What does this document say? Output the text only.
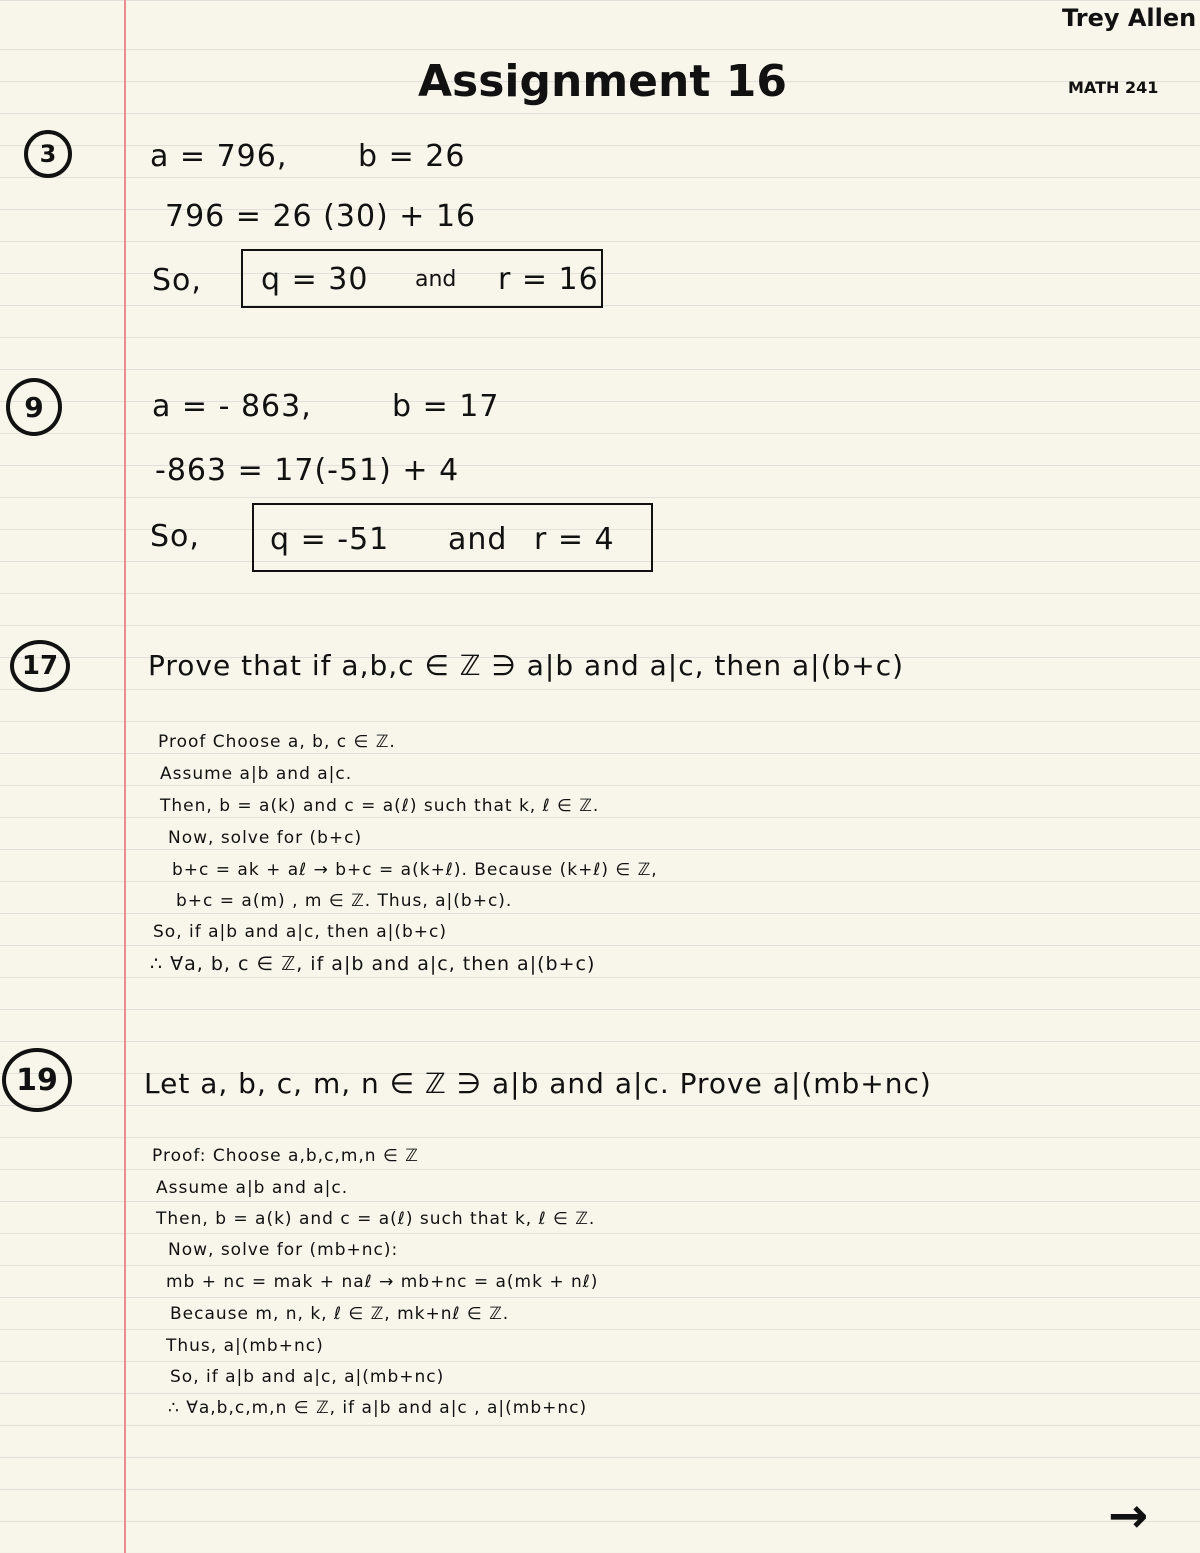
Trey Allen
MATH 241
Assignment 16
3	a = 796, b = 26
796 = 26 (30) + 16
So, q = 30 and r = 16
9	a = - 863,	b = 17
-863 = 17(-51) + 4
So, q = -51 and r = 4
17	Prove that if a,b,c ∈ ℤ ∋ a|b and a|c, then a|(b+c)
Proof Choose a, b, c ∈ ℤ.
Assume a|b and a|c.
Then, b = a(k) and c = a(ℓ) such that k, ℓ ∈ ℤ.
Now, solve for (b+c)
b+c = ak + aℓ → b+c = a(k+ℓ). Because (k+ℓ) ∈ ℤ,
b+c = a(m) , m ∈ ℤ. Thus, a|(b+c).
So, if a|b and a|c, then a|(b+c)
∴ ∀a, b, c ∈ ℤ, if a|b and a|c, then a|(b+c)
19	Let a, b, c, m, n ∈ ℤ ∋ a|b and a|c. Prove a|(mb+nc)
Proof: Choose a,b,c,m,n ∈ ℤ
Assume a|b and a|c.
Then, b = a(k) and c = a(ℓ) such that k, ℓ ∈ ℤ.
Now, solve for (mb+nc):
mb + nc = mak + naℓ → mb+nc = a(mk + nℓ)
Because m, n, k, ℓ ∈ ℤ, mk+nℓ ∈ ℤ.
Thus, a|(mb+nc)
So, if a|b and a|c, a|(mb+nc)
∴ ∀a,b,c,m,n ∈ ℤ, if a|b and a|c , a|(mb+nc)
→
